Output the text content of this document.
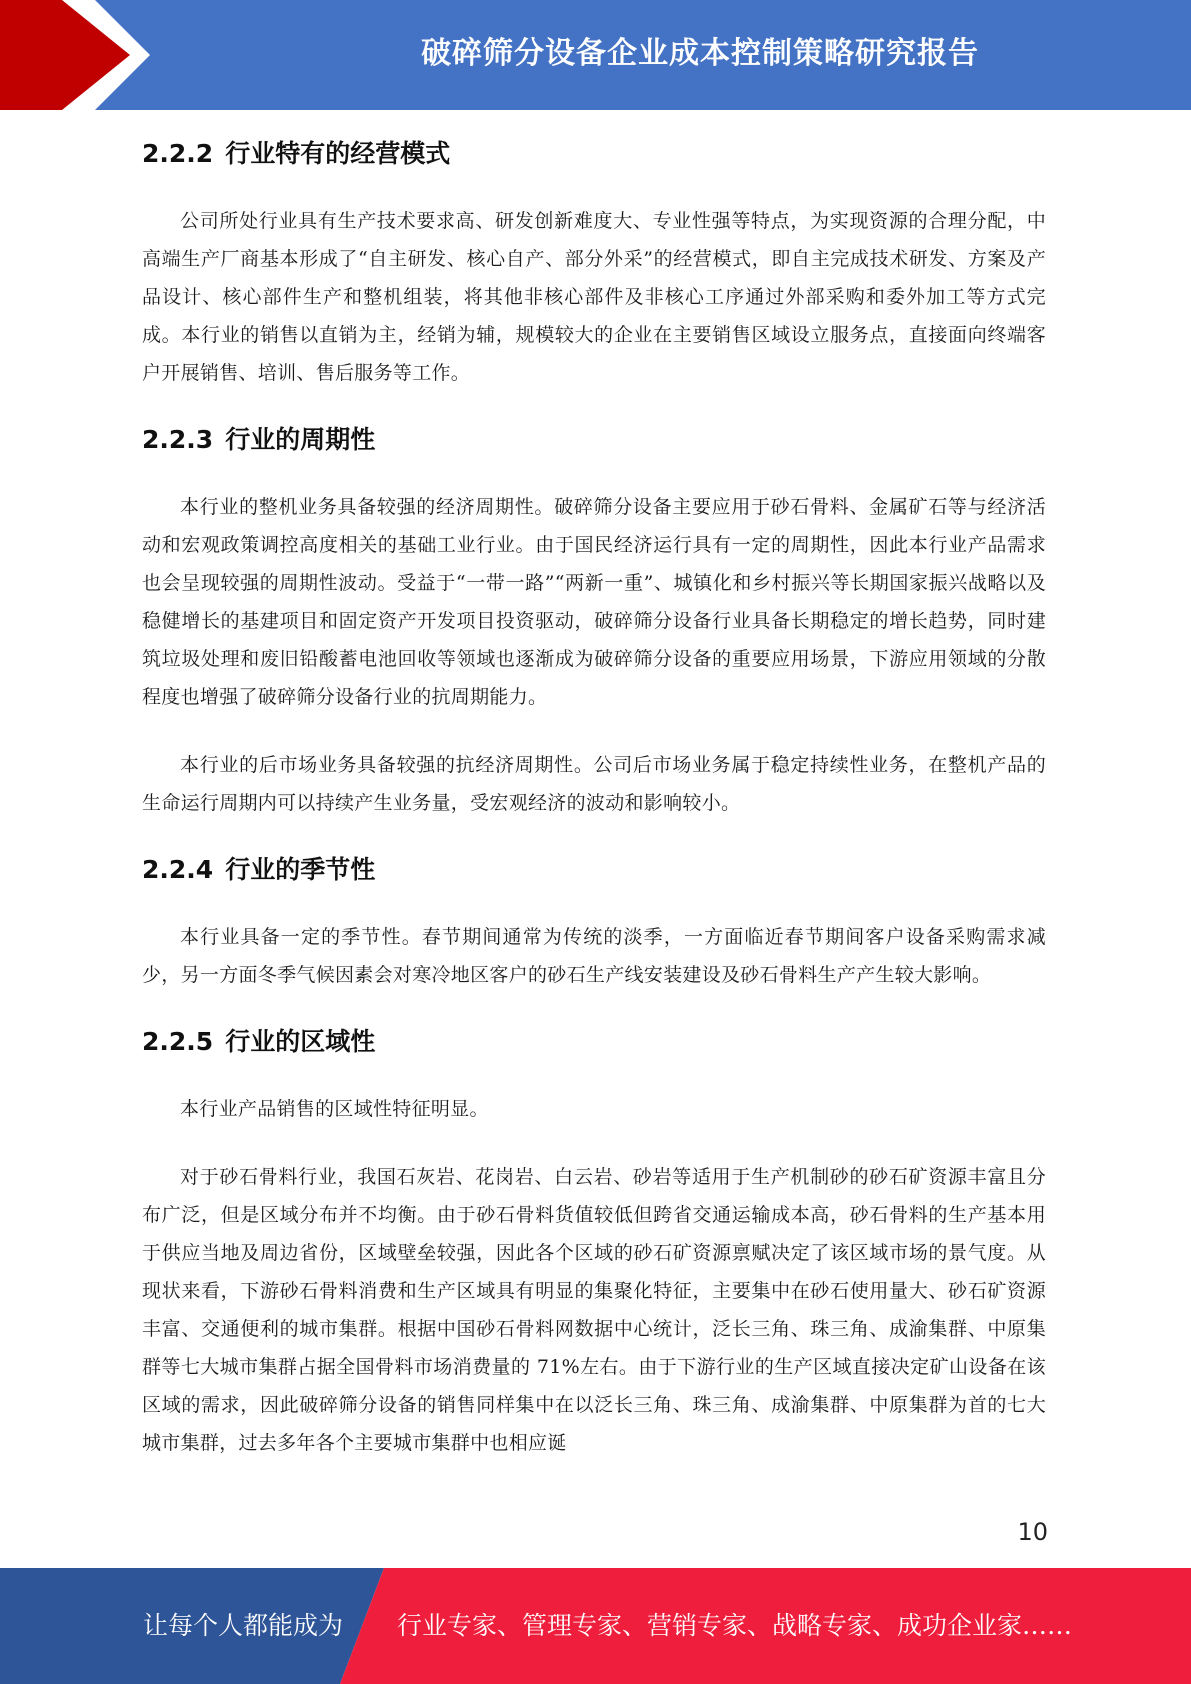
破碎筛分设备企业成本控制策略研究报告
2.2.2 行业特有的经营模式

公司所处行业具有生产技术要求高、研发创新难度大、专业性强等特点，为实现资源的合理分配，中高端生产厂商基本形成了“自主研发、核心自产、部分外采”的经营模式，即自主完成技术研发、方案及产品设计、核心部件生产和整机组装，将其他非核心部件及非核心工序通过外部采购和委外加工等方式完成。本行业的销售以直销为主，经销为辅，规模较大的企业在主要销售区域设立服务点，直接面向终端客户开展销售、培训、售后服务等工作。

2.2.3 行业的周期性

本行业的整机业务具备较强的经济周期性。破碎筛分设备主要应用于砂石骨料、金属矿石等与经济活动和宏观政策调控高度相关的基础工业行业。由于国民经济运行具有一定的周期性，因此本行业产品需求也会呈现较强的周期性波动。受益于“一带一路”“两新一重”、城镇化和乡村振兴等长期国家振兴战略以及稳健增长的基建项目和固定资产开发项目投资驱动，破碎筛分设备行业具备长期稳定的增长趋势，同时建筑垃圾处理和废旧铅酸蓄电池回收等领域也逐渐成为破碎筛分设备的重要应用场景，下游应用领域的分散程度也增强了破碎筛分设备行业的抗周期能力。

本行业的后市场业务具备较强的抗经济周期性。公司后市场业务属于稳定持续性业务，在整机产品的生命运行周期内可以持续产生业务量，受宏观经济的波动和影响较小。

2.2.4 行业的季节性

本行业具备一定的季节性。春节期间通常为传统的淡季，一方面临近春节期间客户设备采购需求减少，另一方面冬季气候因素会对寒冷地区客户的砂石生产线安装建设及砂石骨料生产产生较大影响。

2.2.5 行业的区域性

本行业产品销售的区域性特征明显。

对于砂石骨料行业，我国石灰岩、花岗岩、白云岩、砂岩等适用于生产机制砂的砂石矿资源丰富且分布广泛，但是区域分布并不均衡。由于砂石骨料货值较低但跨省交通运输成本高，砂石骨料的生产基本用于供应当地及周边省份，区域壁垒较强，因此各个区域的砂石矿资源禀赋决定了该区域市场的景气度。从现状来看，下游砂石骨料消费和生产区域具有明显的集聚化特征，主要集中在砂石使用量大、砂石矿资源丰富、交通便利的城市集群。根据中国砂石骨料网数据中心统计，泛长三角、珠三角、成渝集群、中原集群等七大城市集群占据全国骨料市场消费量的 71%左右。由于下游行业的生产区域直接决定矿山设备在该区域的需求，因此破碎筛分设备的销售同样集中在以泛长三角、珠三角、成渝集群、中原集群为首的七大城市集群，过去多年各个主要城市集群中也相应诞

10
让每个人都能成为 行业专家、管理专家、营销专家、战略专家、成功企业家……
